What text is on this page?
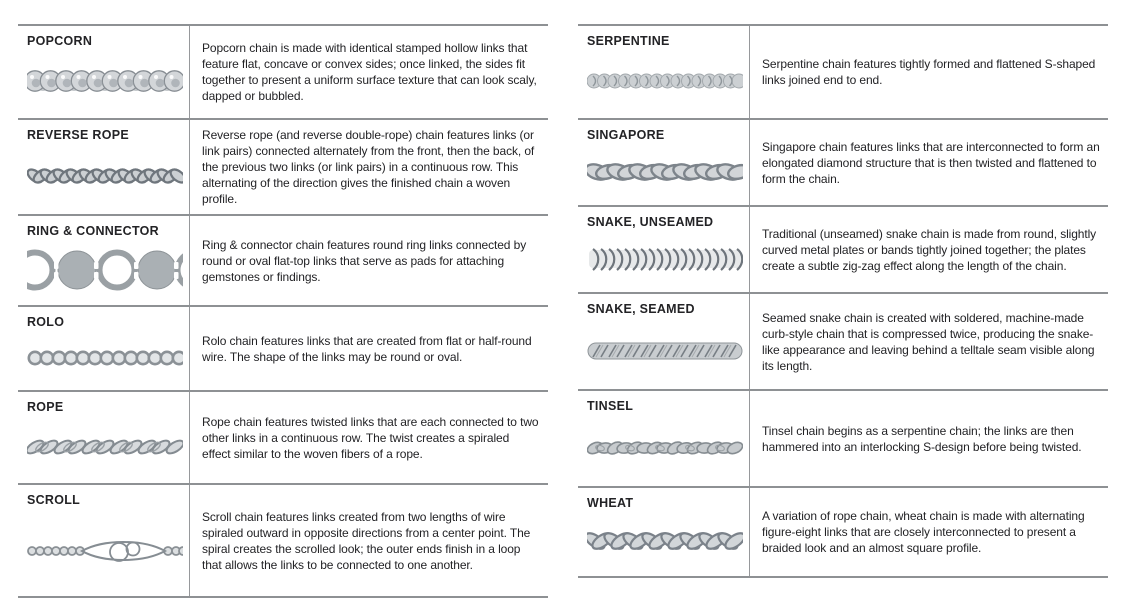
POPCORN	Popcorn chain is made with identical stamped hollow links that feature flat, concave or convex sides; once linked, the sides fit together to present a uniform surface texture that can look scaly, dapped or bubbled.

REVERSE ROPE	Reverse rope (and reverse double-rope) chain features links (or link pairs) connected alternately from the front, then the back, of the previous two links (or link pairs) in a continuous row. This alternating of the direction gives the finished chain a woven profile.

RING & CONNECTOR

Ring & connector chain features round ring links connected by round or oval flat-top links that serve as pads for attaching gemstones or findings.

ROLO

Rolo chain features links that are created from flat or half-round wire. The shape of the links may be round or oval.

ROPE

Rope chain features twisted links that are each connected to two other links in a continuous row. The twist creates a spiraled effect similar to the woven fibers of a rope.

SCROLL

Scroll chain features links created from two lengths of wire spiraled outward in opposite directions from a center point. The spiral creates the scrolled look; the outer ends finish in a loop that allows the links to be connected to one another.

SERPENTINE

Serpentine chain features tightly formed and flattened S-shaped links joined end to end.

SINGAPORE

Singapore chain features links that are interconnected to form an elongated diamond structure that is then twisted and flattened to form the chain.

SNAKE, UNSEAMED

Traditional (unseamed) snake chain is made from round, slightly curved metal plates or bands tightly joined together; the plates create a subtle zig-zag effect along the length of the chain.

SNAKE, SEAMED

Seamed snake chain is created with soldered, machine-made curb-style chain that is compressed twice, producing the snake-like appearance and leaving behind a telltale seam visible along its length.

TINSEL

Tinsel chain begins as a serpentine chain; the links are then hammered into an interlocking S-design before being twisted.

WHEAT

A variation of rope chain, wheat chain is made with alternating figure-eight links that are closely interconnected to present a braided look and an almost square profile.
